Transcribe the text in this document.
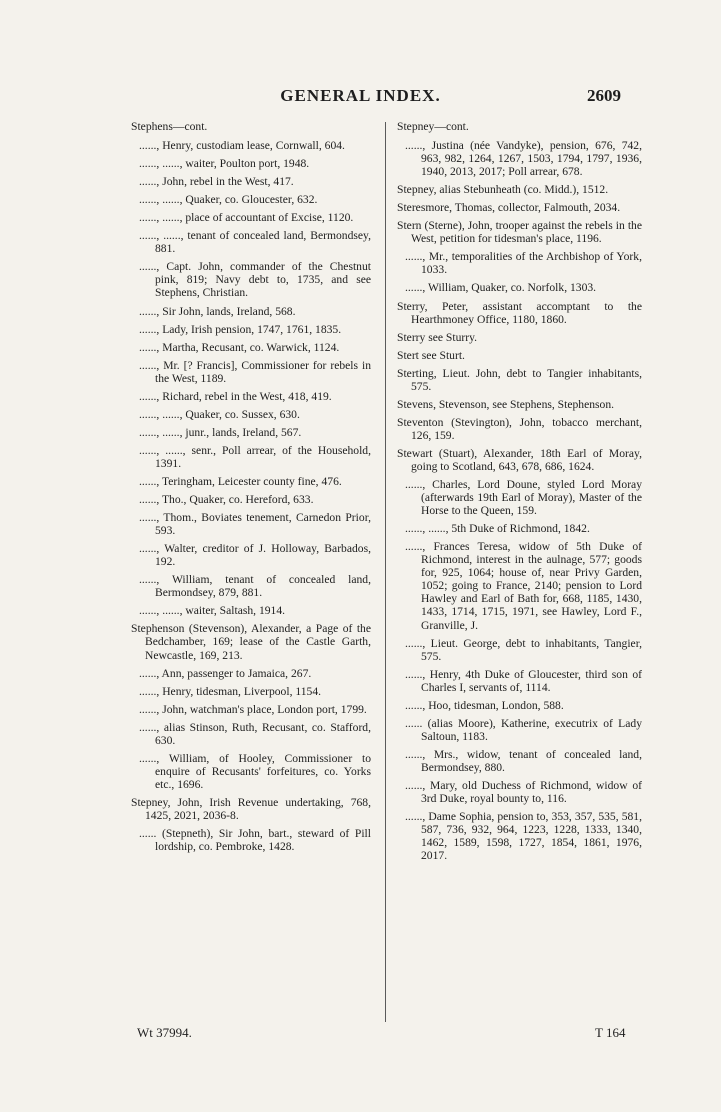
GENERAL INDEX.	2609
Stephens—cont.
......, Henry, custodiam lease, Cornwall, 604.
......, ......, waiter, Poulton port, 1948.
......, John, rebel in the West, 417.
......, ......, Quaker, co. Gloucester, 632.
......, ......, place of accountant of Excise, 1120.
......, ......, tenant of concealed land, Bermondsey, 881.
......, Capt. John, commander of the Chestnut pink, 819; Navy debt to, 1735, and see Stephens, Christian.
......, Sir John, lands, Ireland, 568.
......, Lady, Irish pension, 1747, 1761, 1835.
......, Martha, Recusant, co. Warwick, 1124.
......, Mr. [? Francis], Commissioner for rebels in the West, 1189.
......, Richard, rebel in the West, 418, 419.
......, ......, Quaker, co. Sussex, 630.
......, ......, junr., lands, Ireland, 567.
......, ......, senr., Poll arrear, of the Household, 1391.
......, Teringham, Leicester county fine, 476.
......, Tho., Quaker, co. Hereford, 633.
......, Thom., Boviates tenement, Carnedon Prior, 593.
......, Walter, creditor of J. Holloway, Barbados, 192.
......, William, tenant of concealed land, Bermondsey, 879, 881.
......, ......, waiter, Saltash, 1914.
Stephenson (Stevenson), Alexander, a Page of the Bedchamber, 169; lease of the Castle Garth, Newcastle, 169, 213.
......, Ann, passenger to Jamaica, 267.
......, Henry, tidesman, Liverpool, 1154.
......, John, watchman's place, London port, 1799.
......, alias Stinson, Ruth, Recusant, co. Stafford, 630.
......, William, of Hooley, Commissioner to enquire of Recusants' forfeitures, co. Yorks etc., 1696.
Stepney, John, Irish Revenue undertaking, 768, 1425, 2021, 2036-8.
...... (Stepneth), Sir John, bart., steward of Pill lordship, co. Pembroke, 1428.
Stepney—cont.
......, Justina (née Vandyke), pension, 676, 742, 963, 982, 1264, 1267, 1503, 1794, 1797, 1936, 1940, 2013, 2017; Poll arrear, 678.
Stepney, alias Stebunheath (co. Midd.), 1512.
Steresmore, Thomas, collector, Falmouth, 2034.
Stern (Sterne), John, trooper against the rebels in the West, petition for tidesman's place, 1196.
......, Mr., temporalities of the Archbishop of York, 1033.
......, William, Quaker, co. Norfolk, 1303.
Sterry, Peter, assistant accomptant to the Hearthmoney Office, 1180, 1860.
Sterry see Sturry.
Stert see Sturt.
Sterting, Lieut. John, debt to Tangier inhabitants, 575.
Stevens, Stevenson, see Stephens, Stephenson.
Steventon (Stevington), John, tobacco merchant, 126, 159.
Stewart (Stuart), Alexander, 18th Earl of Moray, going to Scotland, 643, 678, 686, 1624.
......, Charles, Lord Doune, styled Lord Moray (afterwards 19th Earl of Moray), Master of the Horse to the Queen, 159.
......, ......, 5th Duke of Richmond, 1842.
......, Frances Teresa, widow of 5th Duke of Richmond, interest in the aulnage, 577; goods for, 925, 1064; house of, near Privy Garden, 1052; going to France, 2140; pension to Lord Hawley and Earl of Bath for, 668, 1185, 1430, 1433, 1714, 1715, 1971, see Hawley, Lord F., Granville, J.
......, Lieut. George, debt to inhabitants, Tangier, 575.
......, Henry, 4th Duke of Gloucester, third son of Charles I, servants of, 1114.
......, Hoo, tidesman, London, 588.
...... (alias Moore), Katherine, executrix of Lady Saltoun, 1183.
......, Mrs., widow, tenant of concealed land, Bermondsey, 880.
......, Mary, old Duchess of Richmond, widow of 3rd Duke, royal bounty to, 116.
......, Dame Sophia, pension to, 353, 357, 535, 581, 587, 736, 932, 964, 1223, 1228, 1333, 1340, 1462, 1589, 1598, 1727, 1854, 1861, 1976, 2017.
Wt 37994.	T 164
